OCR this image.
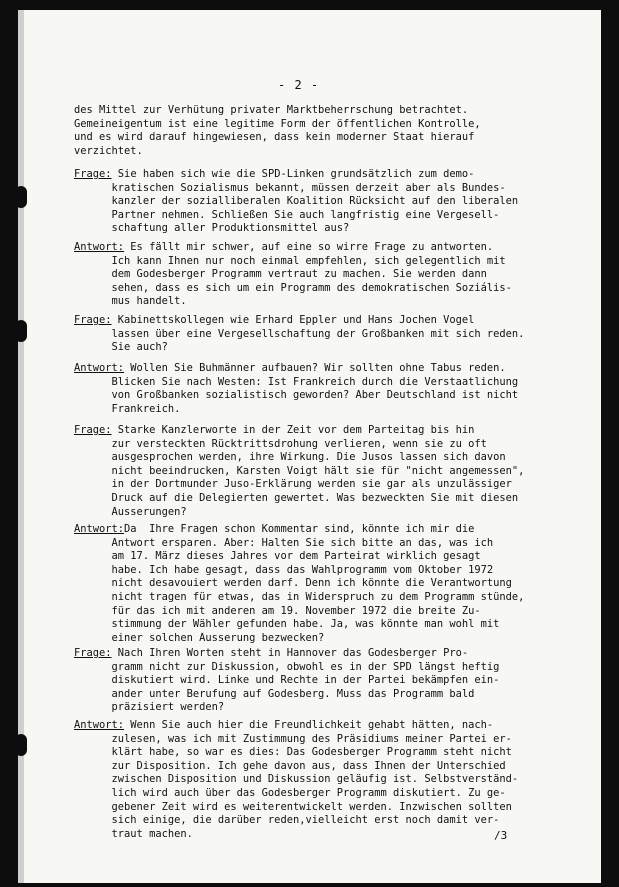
- 2 -
des Mittel zur Verhütung privater Marktbeherrschung betrachtet.
Gemeineigentum ist eine legitime Form der öffentlichen Kontrolle,
und es wird darauf hingewiesen, dass kein moderner Staat hierauf
verzichtet.
Frage: Sie haben sich wie die SPD-Linken grundsätzlich zum demo-
kratischen Sozialismus bekannt, müssen derzeit aber als Bundes-
kanzler der sozialliberalen Koalition Rücksicht auf den liberalen
Partner nehmen. Schließen Sie auch langfristig eine Vergesell-
schaftung aller Produktionsmittel aus?
Antwort: Es fällt mir schwer, auf eine so wirre Frage zu antworten.
Ich kann Ihnen nur noch einmal empfehlen, sich gelegentlich mit
dem Godesberger Programm vertraut zu machen. Sie werden dann
sehen, dass es sich um ein Programm des demokratischen Soziális-
mus handelt.
Frage: Kabinettskollegen wie Erhard Eppler und Hans Jochen Vogel
lassen über eine Vergesellschaftung der Großbanken mit sich reden.
Sie auch?
Antwort: Wollen Sie Buhmänner aufbauen? Wir sollten ohne Tabus reden.
Blicken Sie nach Westen: Ist Frankreich durch die Verstaatlichung
von Großbanken sozialistisch geworden? Aber Deutschland ist nicht
Frankreich.
Frage: Starke Kanzlerworte in der Zeit vor dem Parteitag bis hin
zur versteckten Rücktrittsdrohung verlieren, wenn sie zu oft
ausgesprochen werden, ihre Wirkung. Die Jusos lassen sich davon
nicht beeindrucken, Karsten Voigt hält sie für "nicht angemessen",
in der Dortmunder Juso-Erklärung werden sie gar als unzulässiger
Druck auf die Delegierten gewertet. Was bezweckten Sie mit diesen
Äusserungen?
Antwort:Da  Ihre Fragen schon Kommentar sind, könnte ich mir die
Antwort ersparen. Aber: Halten Sie sich bitte an das, was ich
am 17. März dieses Jahres vor dem Parteirat wirklich gesagt
habe. Ich habe gesagt, dass das Wahlprogramm vom Oktober 1972
nicht desavouiert werden darf. Denn ich könnte die Verantwortung
nicht tragen für etwas, das in Widerspruch zu dem Programm stünde,
für das ich mit anderen am 19. November 1972 die breite Zu-
stimmung der Wähler gefunden habe. Ja, was könnte man wohl mit
einer solchen Äusserung bezwecken?
Frage: Nach Ihren Worten steht in Hannover das Godesberger Pro-
gramm nicht zur Diskussion, obwohl es in der SPD längst heftig
diskutiert wird. Linke und Rechte in der Partei bekämpfen ein-
ander unter Berufung auf Godesberg. Muss das Programm bald
präzisiert werden?
Antwort: Wenn Sie auch hier die Freundlichkeit gehabt hätten, nach-
zulesen, was ich mit Zustimmung des Präsidiums meiner Partei er-
klärt habe, so war es dies: Das Godesberger Programm steht nicht
zur Disposition. Ich gehe davon aus, dass Ihnen der Unterschied
zwischen Disposition und Diskussion geläufig ist. Selbstverständ-
lich wird auch über das Godesberger Programm diskutiert. Zu ge-
gebener Zeit wird es weiterentwickelt werden. Inzwischen sollten
sich einige, die darüber reden,vielleicht erst noch damit ver-
traut machen.	/3
